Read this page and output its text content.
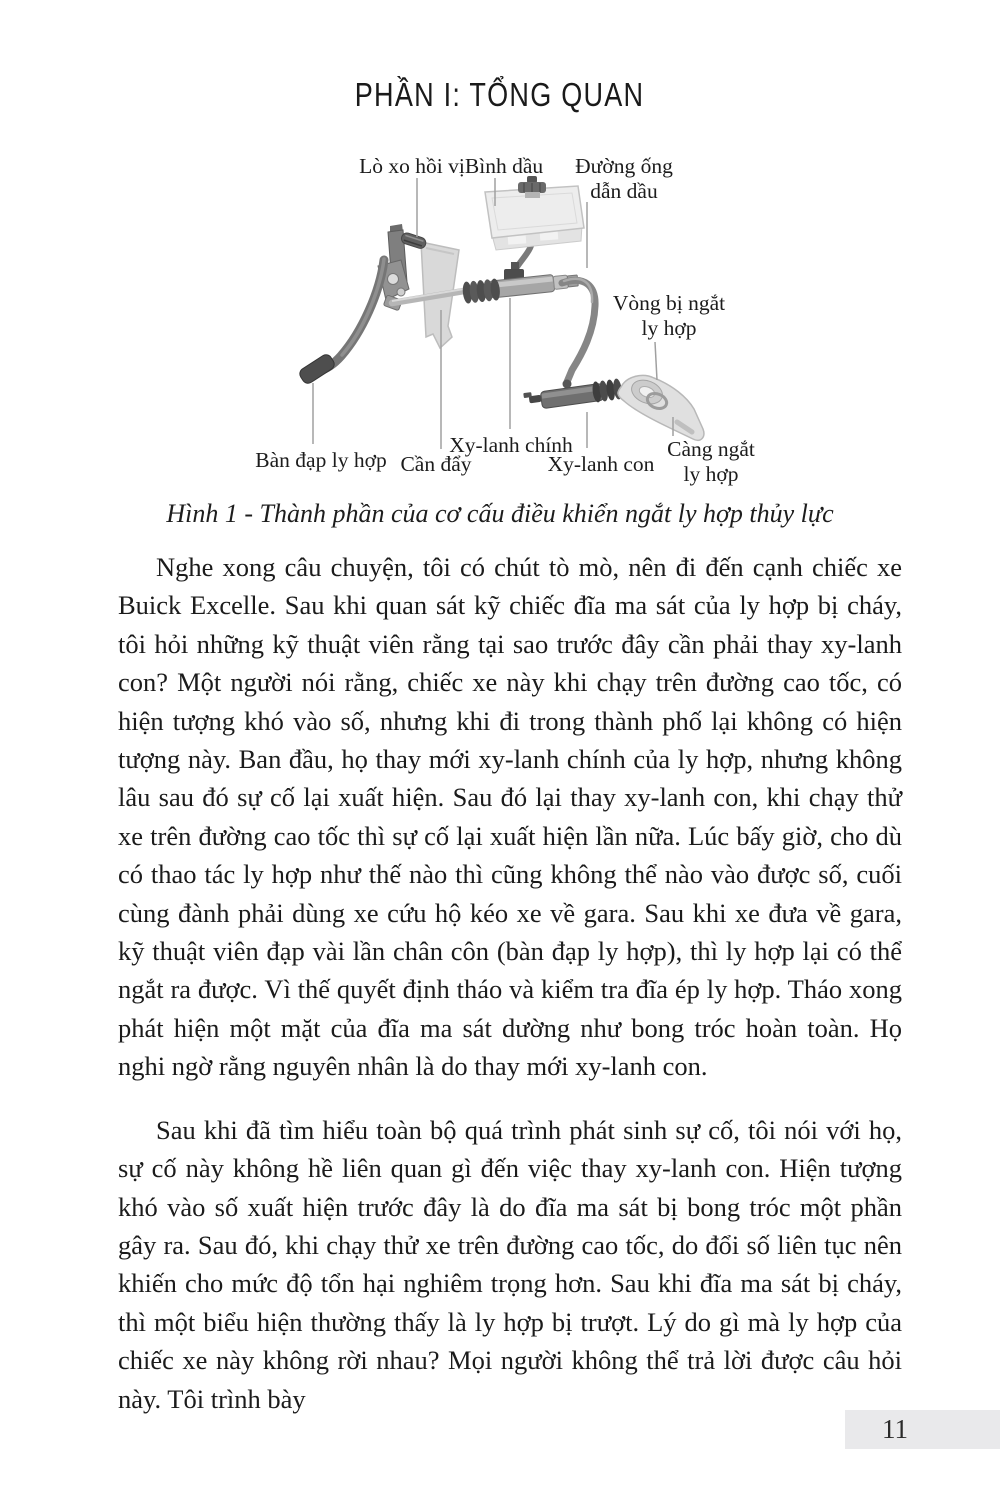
PHẦN I: TỔNG QUAN
Lò xo hồi vị Bình dầu Đường ống
dẫn dầu
Vòng bị ngắt
ly hợp
Bàn đạp ly hợp Cần đẩy
Xy-lanh chính
Xy-lanh con
Càng ngắt
ly hợp
Hình 1 - Thành phần của cơ cấu điều khiển ngắt ly hợp thủy lực

Nghe xong câu chuyện, tôi có chút tò mò, nên đi đến cạnh chiếc xe Buick Excelle. Sau khi quan sát kỹ chiếc đĩa ma sát của ly hợp bị cháy, tôi hỏi những kỹ thuật viên rằng tại sao trước đây cần phải thay xy-lanh con? Một người nói rằng, chiếc xe này khi chạy trên đường cao tốc, có hiện tượng khó vào số, nhưng khi đi trong thành phố lại không có hiện tượng này. Ban đầu, họ thay mới xy-lanh chính của ly hợp, nhưng không lâu sau đó sự cố lại xuất hiện. Sau đó lại thay xy-lanh con, khi chạy thử xe trên đường cao tốc thì sự cố lại xuất hiện lần nữa. Lúc bấy giờ, cho dù có thao tác ly hợp như thế nào thì cũng không thể nào vào được số, cuối cùng đành phải dùng xe cứu hộ kéo xe về gara. Sau khi xe đưa về gara, kỹ thuật viên đạp vài lần chân côn (bàn đạp ly hợp), thì ly hợp lại có thể ngắt ra được. Vì thế quyết định tháo và kiểm tra đĩa ép ly hợp. Tháo xong phát hiện một mặt của đĩa ma sát dường như bong tróc hoàn toàn. Họ nghi ngờ rằng nguyên nhân là do thay mới xy-lanh con.

Sau khi đã tìm hiểu toàn bộ quá trình phát sinh sự cố, tôi nói với họ, sự cố này không hề liên quan gì đến việc thay xy-lanh con. Hiện tượng khó vào số xuất hiện trước đây là do đĩa ma sát bị bong tróc một phần gây ra. Sau đó, khi chạy thử xe trên đường cao tốc, do đổi số liên tục nên khiến cho mức độ tổn hại nghiêm trọng hơn. Sau khi đĩa ma sát bị cháy, thì một biểu hiện thường thấy là ly hợp bị trượt. Lý do gì mà ly hợp của chiếc xe này không rời nhau? Mọi người không thể trả lời được câu hỏi này. Tôi trình bày

11
